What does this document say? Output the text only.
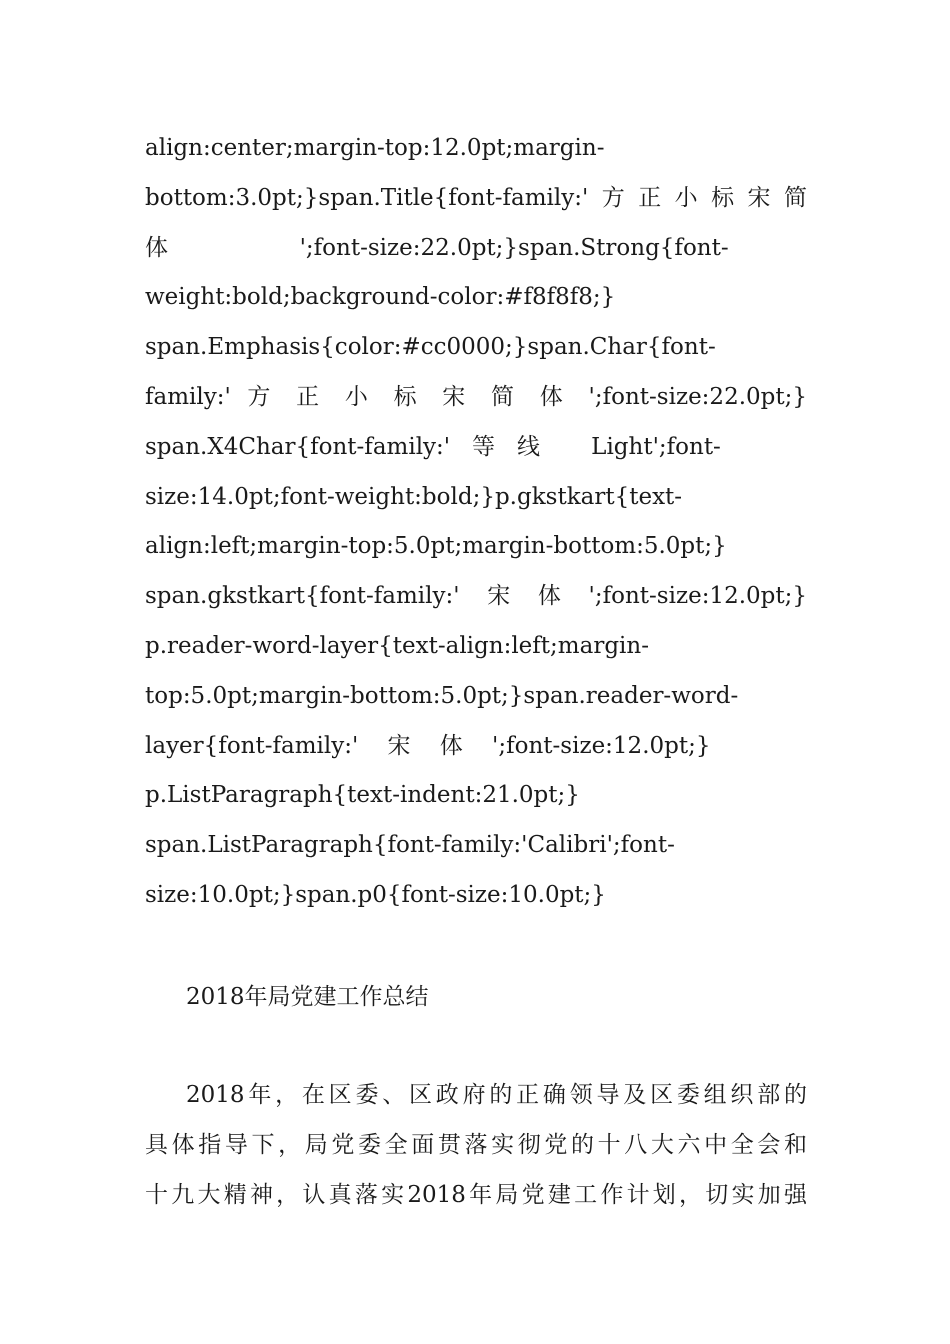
align:center;margin-top:12.0pt;margin-
bottom:3.0pt;}span.Title{font-family:'方正小标宋简
体                  ';font-size:22.0pt;}span.Strong{font-
weight:bold;background-color:#f8f8f8;}
span.Emphasis{color:#cc0000;}span.Char{font-
family:' 方 正 小 标 宋 简 体 ';font-size:22.0pt;}
span.X4Char{font-family:'   等   线       Light';font-
size:14.0pt;font-weight:bold;}p.gkstkart{text-
align:left;margin-top:5.0pt;margin-bottom:5.0pt;}
span.gkstkart{font-family:'宋体';font-size:12.0pt;}
p.reader-word-layer{text-align:left;margin-
top:5.0pt;margin-bottom:5.0pt;}span.reader-word-
layer{font-family:'    宋    体    ';font-size:12.0pt;}
p.ListParagraph{text-indent:21.0pt;}
span.ListParagraph{font-family:'Calibri';font-
size:10.0pt;}span.p0{font-size:10.0pt;}
2018年局党建工作总结
2018年，在区委、区政府的正确领导及区委组织部的
具体指导下，局党委全面贯落实彻党的十八大六中全会和
十九大精神，认真落实2018年局党建工作计划，切实加强
